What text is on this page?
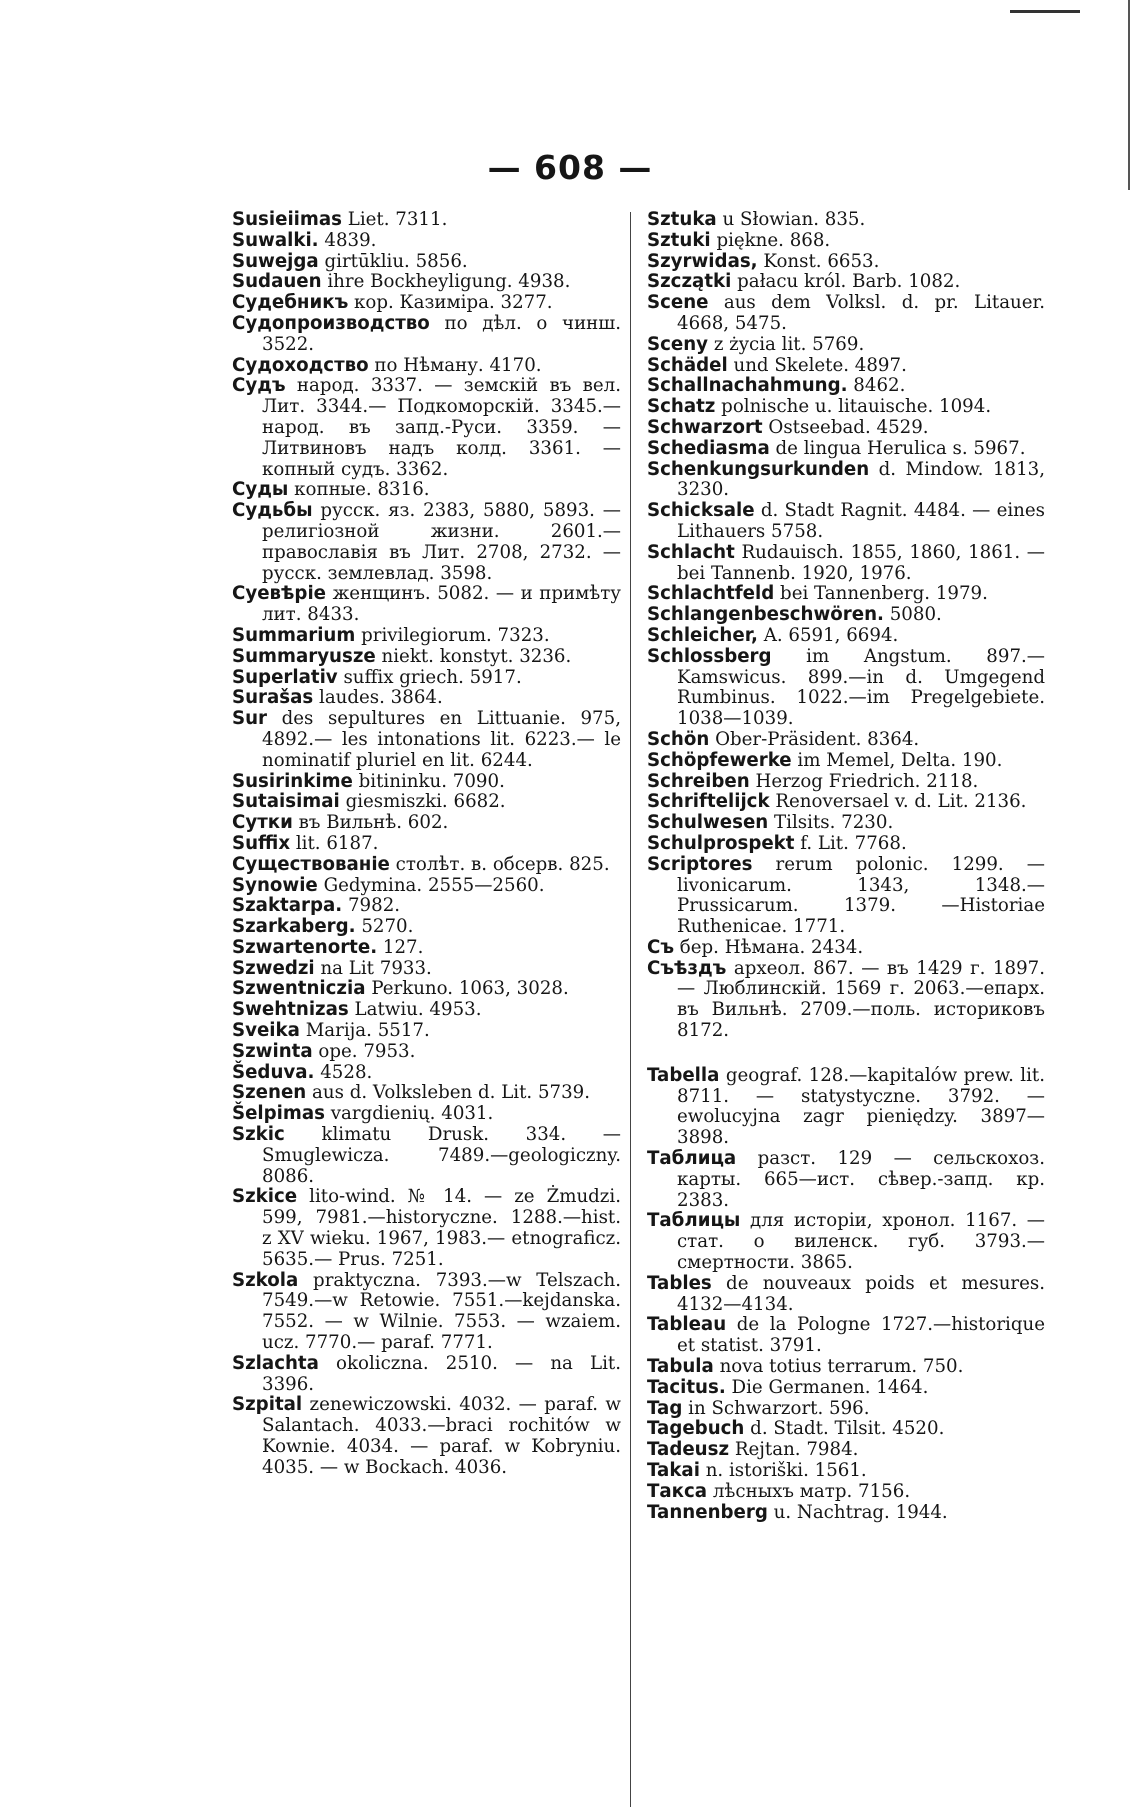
— 608 —

Susieiimas Liet. 7311.

Suwalki. 4839.

Suwejga girtūkliu. 5856.

Sudauen ihre Bockheyligung. 4938.

Судебникъ кор. Казиміра. 3277.

Судопроизводство по дѣл. о чинш. 3522.

Судоходство по Нѣману. 4170.

Судъ народ. 3337. — земскій въ вел. Лит. 3344.— Подкоморскій. 3345.— народ. въ запд.-Руси. 3359. — Литвиновъ надъ колд. 3361. — копный судъ. 3362.

Суды копные. 8316.

Судьбы русск. яз. 2383, 5880, 5893. — религіозной жизни. 2601.— православія въ Лит. 2708, 2732. — русск. землевлад. 3598.

Суевѣріе женщинъ. 5082. — и примѣту лит. 8433.

Summarium privilegiorum. 7323.

Summaryusze niekt. konstyt. 3236.

Superlativ suffix griech. 5917.

Surašas laudes. 3864.

Sur des sepultures en Littuanie. 975, 4892.— les intonations lit. 6223.— le nominatif pluriel en lit. 6244.

Susirinkime bitininku. 7090.

Sutaisimai giesmiszki. 6682.

Сутки въ Вильнѣ. 602.

Suffix lit. 6187.

Существованіе столѣт. в. обсерв. 825.

Synowie Gedymina. 2555—2560.

Szaktarpa. 7982.

Szarkaberg. 5270.

Szwartenorte. 127.

Szwedzi na Lit 7933.

Szwentniczia Perkuno. 1063, 3028.

Swehtnizas Latwiu. 4953.

Sveika Marija. 5517.

Szwinta ope. 7953.

Šeduva. 4528.

Szenen aus d. Volksleben d. Lit. 5739.

Šelpimas vargdienių. 4031.

Szkic klimatu Drusk. 334. — Smuglewicza. 7489.—geologiczny. 8086.

Szkice lito-wind. № 14. — ze Żmudzi. 599, 7981.—historyczne. 1288.—hist. z XV wieku. 1967, 1983.— etnograficz. 5635.— Prus. 7251.

Szkola praktyczna. 7393.—w Telszach. 7549.—w Retowie. 7551.—kejdanska. 7552. — w Wilnie. 7553. — wzaiem. ucz. 7770.— paraf. 7771.

Szlachta okoliczna. 2510. — na Lit. 3396.

Szpital zenewiczowski. 4032. — paraf. w Salantach. 4033.—braci rochitów w Kownie. 4034. — paraf. w Kobryniu. 4035. — w Bockach. 4036.

Sztuka u Słowian. 835.

Sztuki piękne. 868.

Szyrwidas, Konst. 6653.

Szczątki pałacu król. Barb. 1082.

Scene aus dem Volksl. d. pr. Litauer. 4668, 5475.

Sceny z życia lit. 5769.

Schädel und Skelete. 4897.

Schallnachahmung. 8462.

Schatz polnische u. litauische. 1094.

Schwarzort Ostseebad. 4529.

Schediasma de lingua Herulica s. 5967.

Schenkungsurkunden d. Mindow. 1813, 3230.

Schicksale d. Stadt Ragnit. 4484. — eines Lithauers 5758.

Schlacht Rudauisch. 1855, 1860, 1861. —bei Tannenb. 1920, 1976.

Schlachtfeld bei Tannenberg. 1979.

Schlangenbeschwören. 5080.

Schleicher, A. 6591, 6694.

Schlossberg im Angstum. 897.—Kamswicus. 899.—in d. Umgegend Rumbinus. 1022.—im Pregelgebiete. 1038—1039.

Schön Ober-Präsident. 8364.

Schöpfewerke im Memel, Delta. 190.

Schreiben Herzog Friedrich. 2118.

Schriftelijck Renoversael v. d. Lit. 2136.

Schulwesen Tilsits. 7230.

Schulprospekt f. Lit. 7768.

Scriptores rerum polonic. 1299. — livonicarum. 1343, 1348.—Prussicarum. 1379. —Historiae Ruthenicae. 1771.

Съ бер. Нѣмана. 2434.

Съѣздъ археол. 867. — въ 1429 г. 1897.— Люблинскій. 1569 г. 2063.—епарх. въ Вильнѣ. 2709.—поль. историковъ 8172.

Tabella geograf. 128.—kapitalów prew. lit. 8711. — statystyczne. 3792. — ewolucyjna zagr pieniędzy. 3897—3898.

Таблица разст. 129 — сельскохоз. карты. 665—ист. сѣвер.-запд. кр. 2383.

Таблицы для исторіи, хронол. 1167. —стат. о виленск. губ. 3793.—смертности. 3865.

Tables de nouveaux poids et mesures. 4132—4134.

Tableau de la Pologne 1727.—historique et statist. 3791.

Tabula nova totius terrarum. 750.

Tacitus. Die Germanen. 1464.

Tag in Schwarzort. 596.

Tagebuch d. Stadt. Tilsit. 4520.

Tadeusz Rejtan. 7984.

Takai n. istoriški. 1561.

Такса лѣсныхъ матр. 7156.

Tannenberg u. Nachtrag. 1944.
